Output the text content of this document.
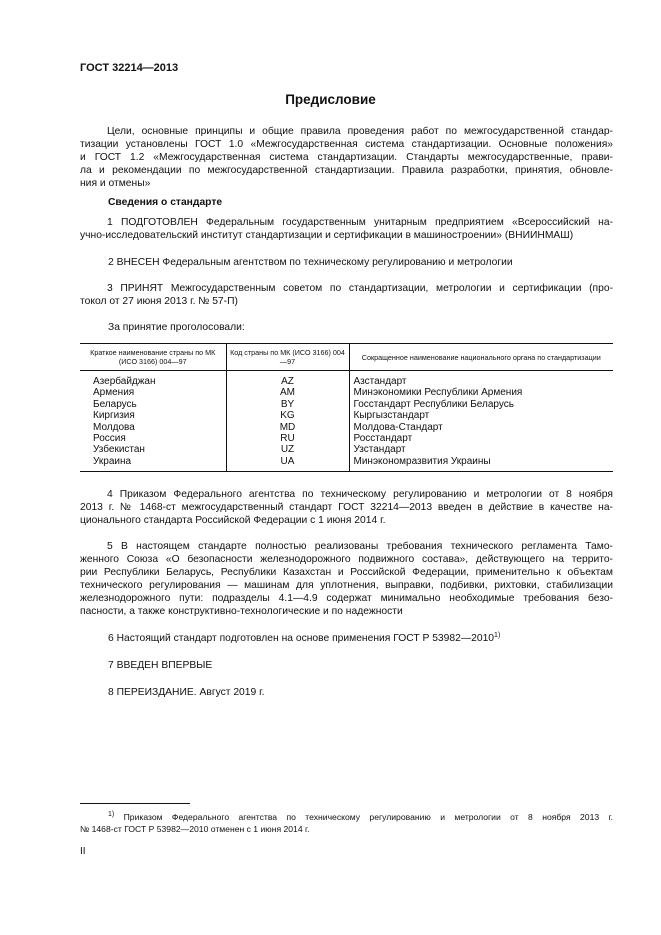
ГОСТ 32214—2013
Предисловие
Цели, основные принципы и общие правила проведения работ по межгосударственной стандар-
тизации установлены ГОСТ 1.0 «Межгосударственная система стандартизации. Основные положения»
и ГОСТ 1.2 «Межгосударственная система стандартизации. Стандарты межгосударственные, прави-
ла и рекомендации по межгосударственной стандартизации. Правила разработки, принятия, обновле-
ния и отмены»
Сведения о стандарте
1 ПОДГОТОВЛЕН Федеральным государственным унитарным предприятием «Всероссийский на-
учно-исследовательский институт стандартизации и сертификации в машиностроении» (ВНИИНМАШ)
2 ВНЕСЕН Федеральным агентством по техническому регулированию и метрологии
3 ПРИНЯТ Межгосударственным советом по стандартизации, метрологии и сертификации (про-
токол от 27 июня 2013 г. № 57-П)
За принятие проголосовали:
Краткое наименование страны по МК (ИСО 3166) 004—97	Код страны по МК (ИСО 3166) 004—97	Сокращенное наименование национального органа по стандартизации
Азербайджан	AZ	Азстандарт
Армения	AM	Минэкономики Республики Армения
Беларусь	BY	Госстандарт Республики Беларусь
Киргизия	KG	Кыргызстандарт
Молдова	MD	Молдова-Стандарт
Россия	RU	Росстандарт
Узбекистан	UZ	Узстандарт
Украина	UA	Минэкономразвития Украины
4 Приказом Федерального агентства по техническому регулированию и метрологии от 8 ноября
2013 г. № 1468-ст межгосударственный стандарт ГОСТ 32214—2013 введен в действие в качестве на-
ционального стандарта Российской Федерации с 1 июня 2014 г.
5 В настоящем стандарте полностью реализованы требования технического регламента Тамо-
женного Союза «О безопасности железнодорожного подвижного состава», действующего на террито-
рии Республики Беларусь, Республики Казахстан и Российской Федерации, применительно к объектам
технического регулирования — машинам для уплотнения, выправки, подбивки, рихтовки, стабилизации
железнодорожного пути: подразделы 4.1—4.9 содержат минимально необходимые требования безо-
пасности, а также конструктивно-технологические и по надежности
6 Настоящий стандарт подготовлен на основе применения ГОСТ Р 53982—2010$^{1)}$
7 ВВЕДЕН ВПЕРВЫЕ
8 ПЕРЕИЗДАНИЕ. Август 2019 г.
$^{1)}$ Приказом Федерального агентства по техническому регулированию и метрологии от 8 ноября 2013 г.
№ 1468-ст ГОСТ Р 53982—2010 отменен с 1 июня 2014 г.
II
